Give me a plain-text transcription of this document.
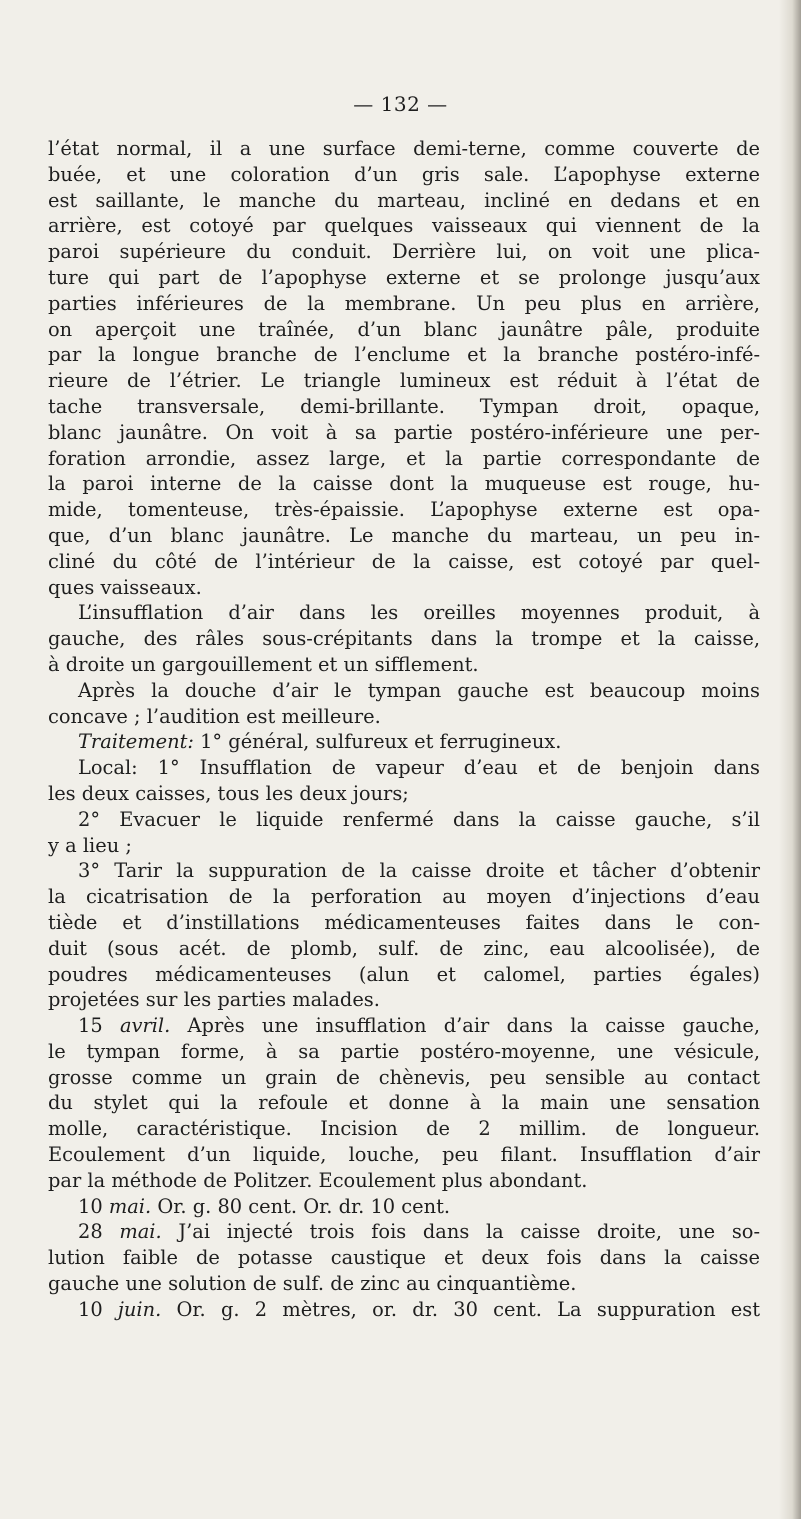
— 132 —
l’état normal, il a une surface demi-terne, comme couverte de
buée, et une coloration d’un gris sale. L’apophyse externe
est saillante, le manche du marteau, incliné en dedans et en
arrière, est cotoyé par quelques vaisseaux qui viennent de la
paroi supérieure du conduit. Derrière lui, on voit une plica-
ture qui part de l’apophyse externe et se prolonge jusqu’aux
parties inférieures de la membrane. Un peu plus en arrière,
on aperçoit une traînée, d’un blanc jaunâtre pâle, produite
par la longue branche de l’enclume et la branche postéro-infé-
rieure de l’étrier. Le triangle lumineux est réduit à l’état de
tache transversale, demi-brillante. Tympan droit, opaque,
blanc jaunâtre. On voit à sa partie postéro-inférieure une per-
foration arrondie, assez large, et la partie correspondante de
la paroi interne de la caisse dont la muqueuse est rouge, hu-
mide, tomenteuse, très-épaissie. L’apophyse externe est opa-
que, d’un blanc jaunâtre. Le manche du marteau, un peu in-
cliné du côté de l’intérieur de la caisse, est cotoyé par quel-
ques vaisseaux.
L’insufflation d’air dans les oreilles moyennes produit, à
gauche, des râles sous-crépitants dans la trompe et la caisse,
à droite un gargouillement et un sifflement.
Après la douche d’air le tympan gauche est beaucoup moins
concave ; l’audition est meilleure.
Traitement: 1° général, sulfureux et ferrugineux.
Local: 1° Insufflation de vapeur d’eau et de benjoin dans
les deux caisses, tous les deux jours;
2° Evacuer le liquide renfermé dans la caisse gauche, s’il
y a lieu ;
3° Tarir la suppuration de la caisse droite et tâcher d’obtenir
la cicatrisation de la perforation au moyen d’injections d’eau
tiède et d’instillations médicamenteuses faites dans le con-
duit (sous acét. de plomb, sulf. de zinc, eau alcoolisée), de
poudres médicamenteuses (alun et calomel, parties égales)
projetées sur les parties malades.
15 avril. Après une insufflation d’air dans la caisse gauche,
le tympan forme, à sa partie postéro-moyenne, une vésicule,
grosse comme un grain de chènevis, peu sensible au contact
du stylet qui la refoule et donne à la main une sensation
molle, caractéristique. Incision de 2 millim. de longueur.
Ecoulement d’un liquide, louche, peu filant. Insufflation d’air
par la méthode de Politzer. Ecoulement plus abondant.
10 mai. Or. g. 80 cent. Or. dr. 10 cent.
28 mai. J’ai injecté trois fois dans la caisse droite, une so-
lution faible de potasse caustique et deux fois dans la caisse
gauche une solution de sulf. de zinc au cinquantième.
10 juin. Or. g. 2 mètres, or. dr. 30 cent. La suppuration est
